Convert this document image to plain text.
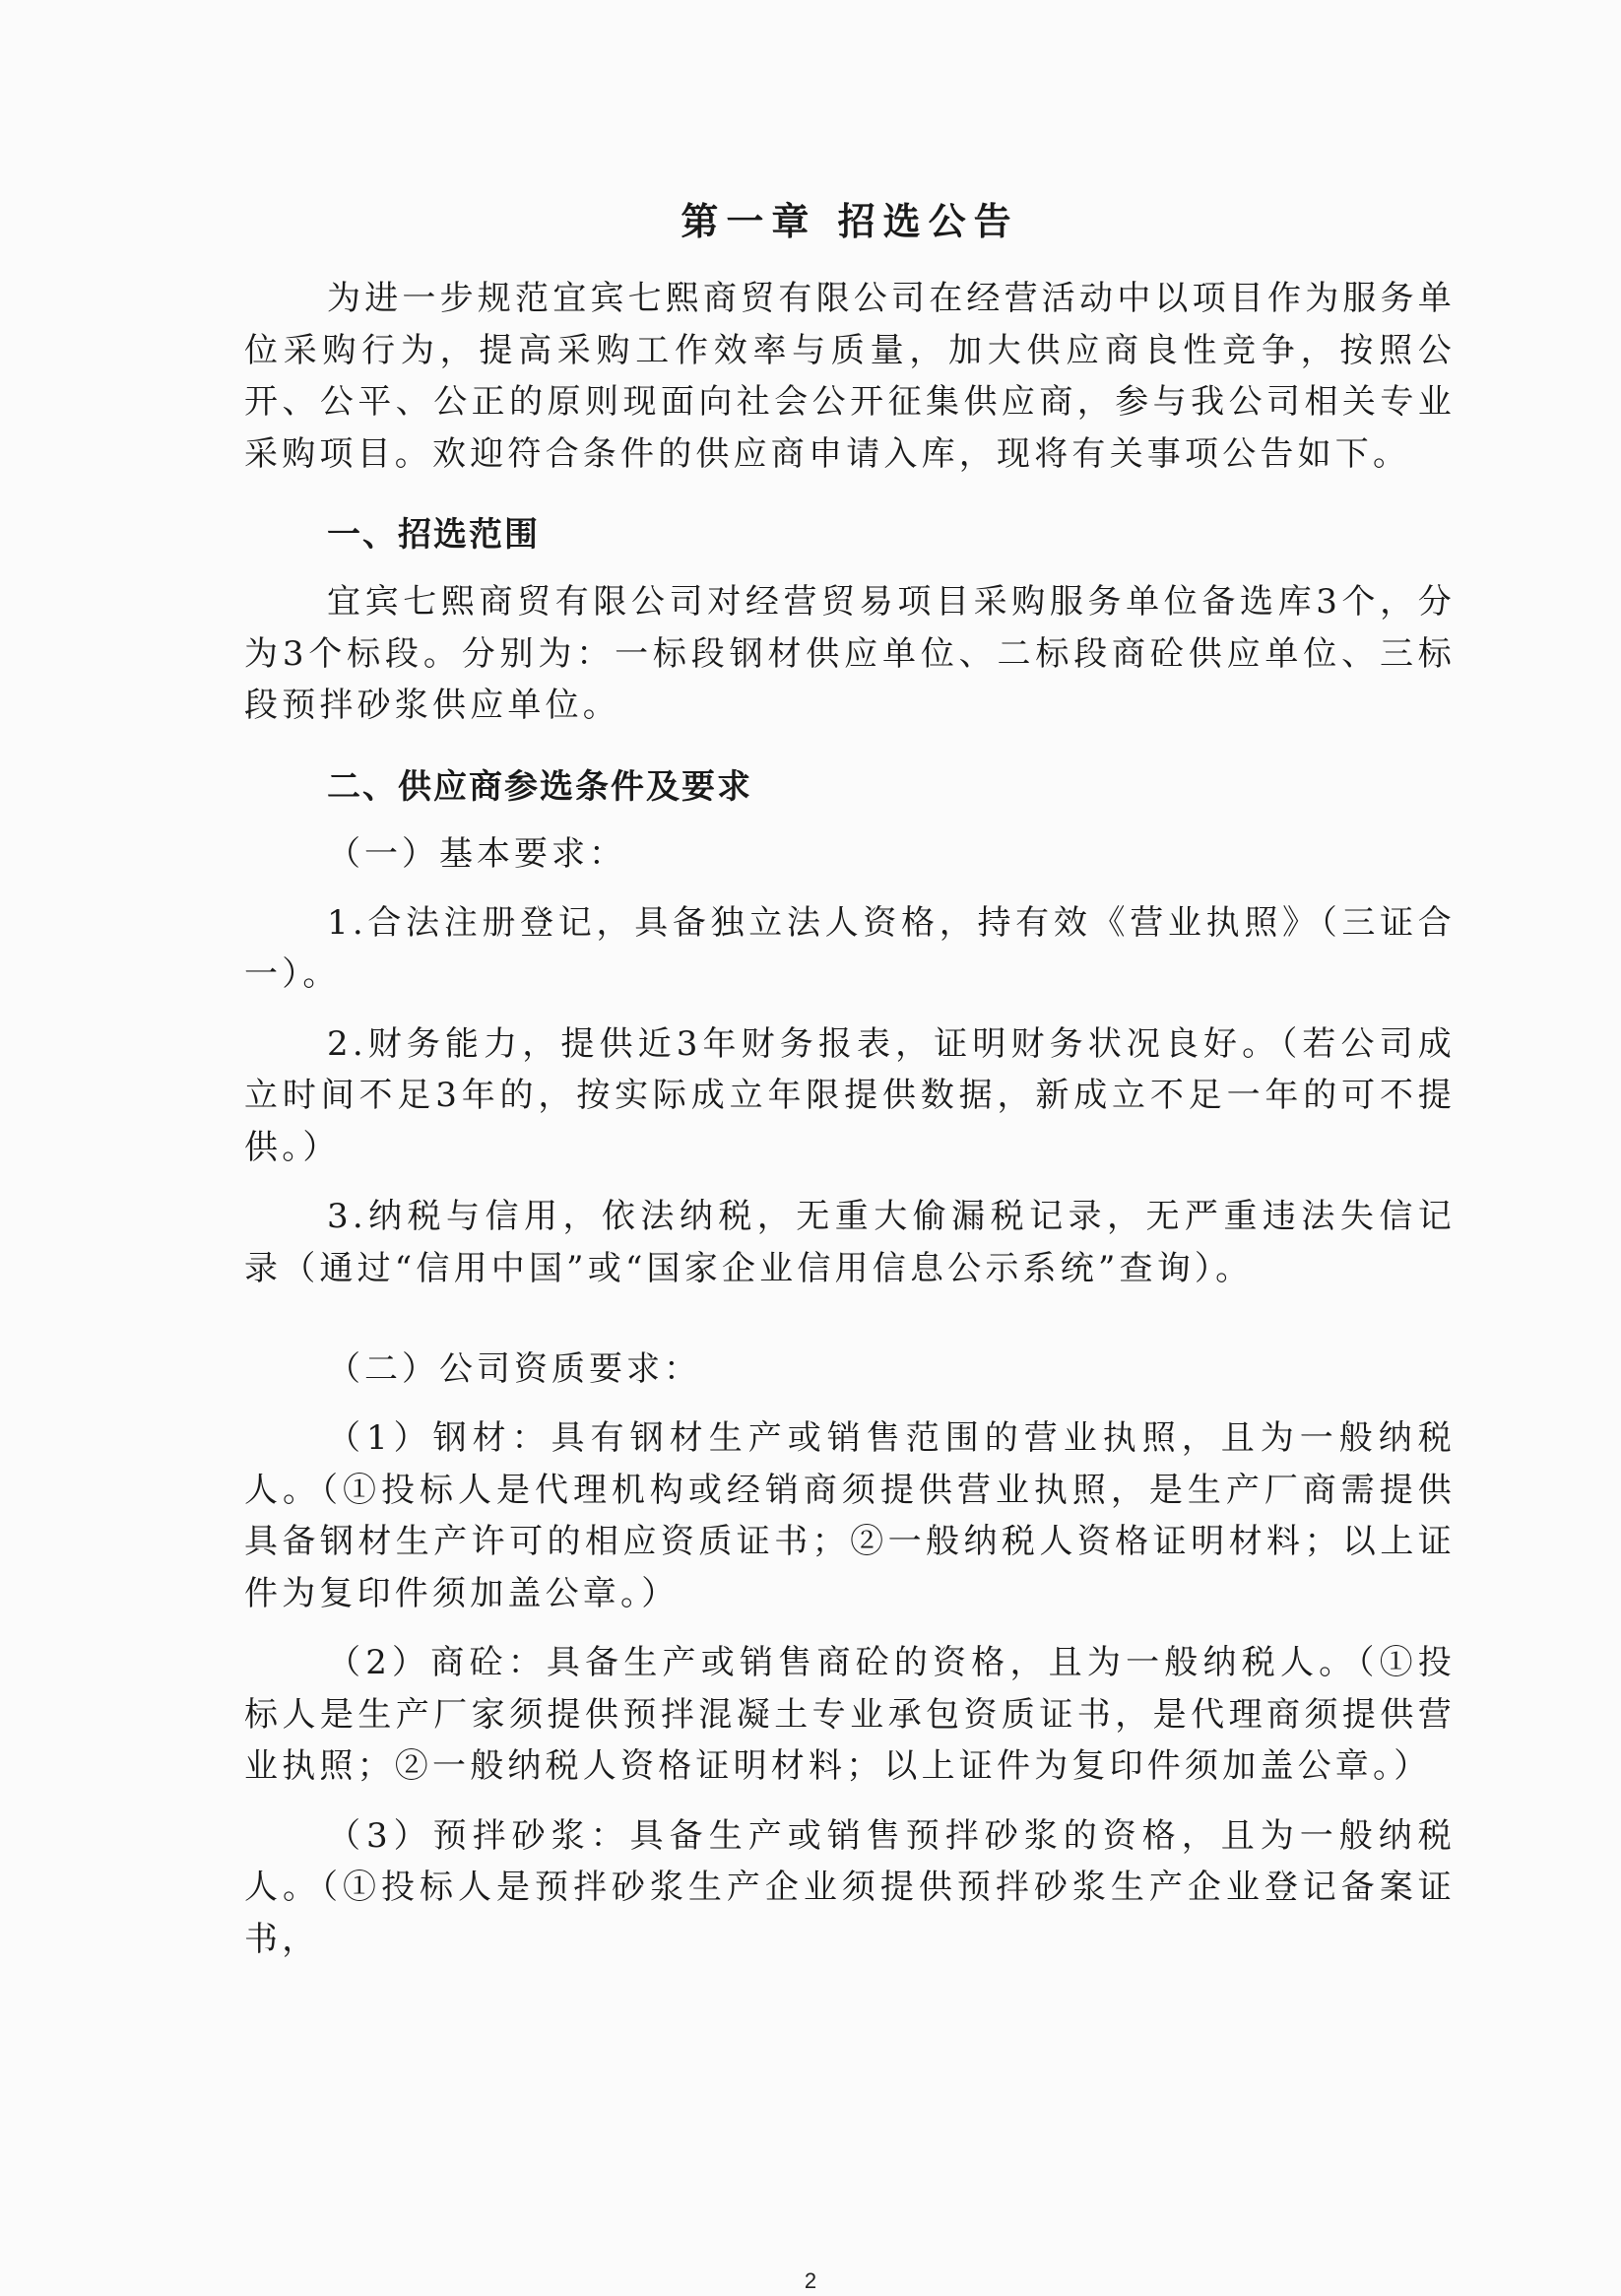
第一章 招选公告

为进一步规范宜宾七熙商贸有限公司在经营活动中以项目作为服务单位采购行为，提高采购工作效率与质量，加大供应商良性竞争，按照公开、公平、公正的原则现面向社会公开征集供应商，参与我公司相关专业采购项目。欢迎符合条件的供应商申请入库，现将有关事项公告如下。

一、招选范围

宜宾七熙商贸有限公司对经营贸易项目采购服务单位备选库3个，分为3个标段。分别为：一标段钢材供应单位、二标段商砼供应单位、三标段预拌砂浆供应单位。

二、供应商参选条件及要求

（一）基本要求：

1.合法注册登记，具备独立法人资格，持有效《营业执照》（三证合一）。

2.财务能力，提供近3年财务报表，证明财务状况良好。（若公司成立时间不足3年的，按实际成立年限提供数据，新成立不足一年的可不提供。）

3.纳税与信用，依法纳税，无重大偷漏税记录，无严重违法失信记录（通过“信用中国”或“国家企业信用信息公示系统”查询）。

（二）公司资质要求：

（1）钢材：具有钢材生产或销售范围的营业执照，且为一般纳税人。（①投标人是代理机构或经销商须提供营业执照，是生产厂商需提供具备钢材生产许可的相应资质证书；②一般纳税人资格证明材料；以上证件为复印件须加盖公章。）

（2）商砼：具备生产或销售商砼的资格，且为一般纳税人。（①投标人是生产厂家须提供预拌混凝土专业承包资质证书，是代理商须提供营业执照；②一般纳税人资格证明材料；以上证件为复印件须加盖公章。）

（3）预拌砂浆：具备生产或销售预拌砂浆的资格，且为一般纳税人。（①投标人是预拌砂浆生产企业须提供预拌砂浆生产企业登记备案证书，

2
